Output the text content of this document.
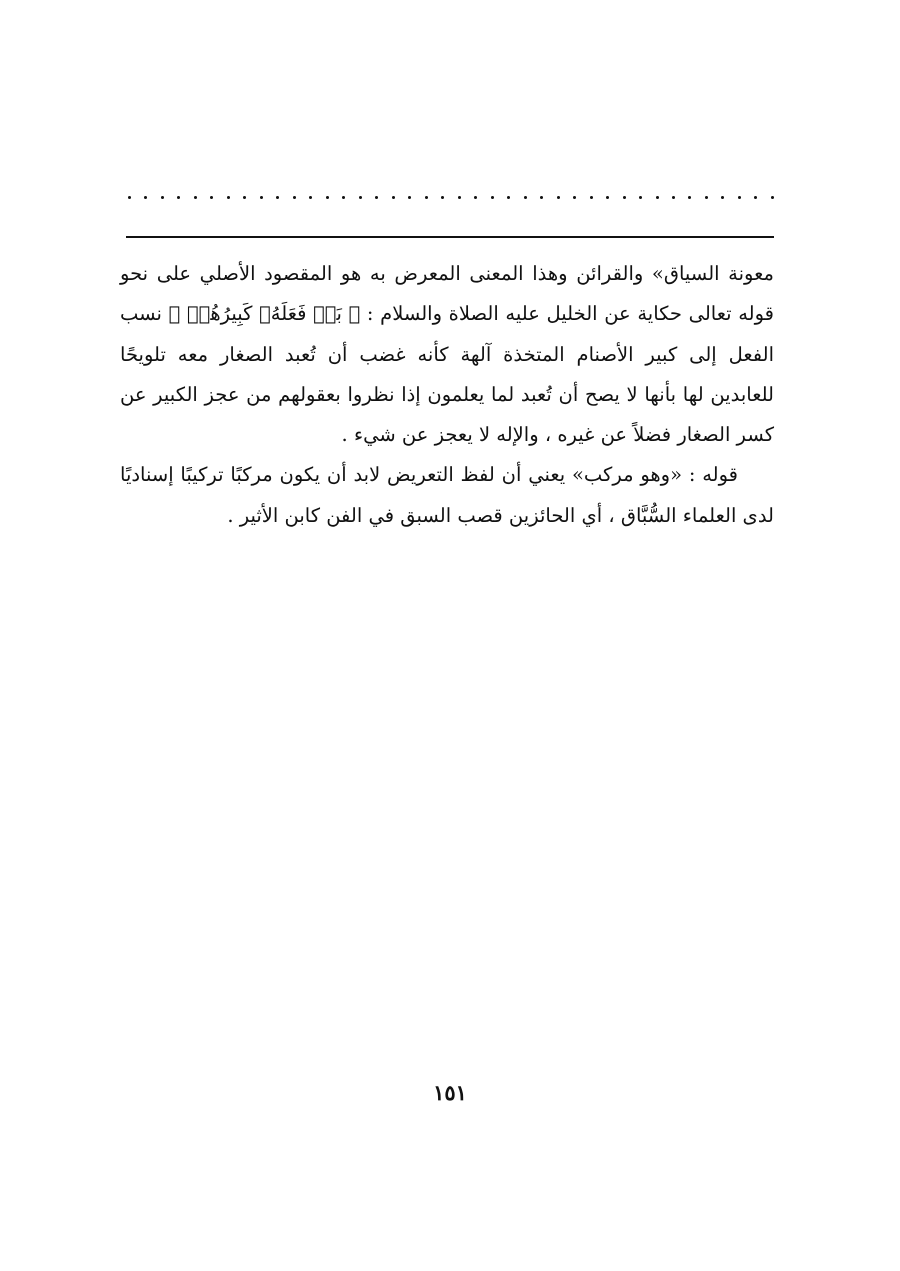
معونة السياق» والقرائن وهذا المعنى المعرض به هو المقصود الأصلي على نحو قوله تعالى حكاية عن الخليل عليه الصلاة والسلام : ﴿ بَلۡ فَعَلَهُۥ كَبِيرُهُمۡ ﴾ نسب الفعل إلى كبير الأصنام المتخذة آلهة كأنه غضب أن تُعبد الصغار معه تلويحًا للعابدين لها بأنها لا يصح أن تُعبد لما يعلمون إذا نظروا بعقولهم من عجز الكبير عن كسر الصغار فضلاً عن غيره ، والإله لا يعجز عن شيء .

قوله : «وهو مركب» يعني أن لفظ التعريض لابد أن يكون مركبًا تركيبًا إسناديًا لدى العلماء السُّبَّاق ، أي الحائزين قصب السبق في الفن كابن الأثير .

١٥١
